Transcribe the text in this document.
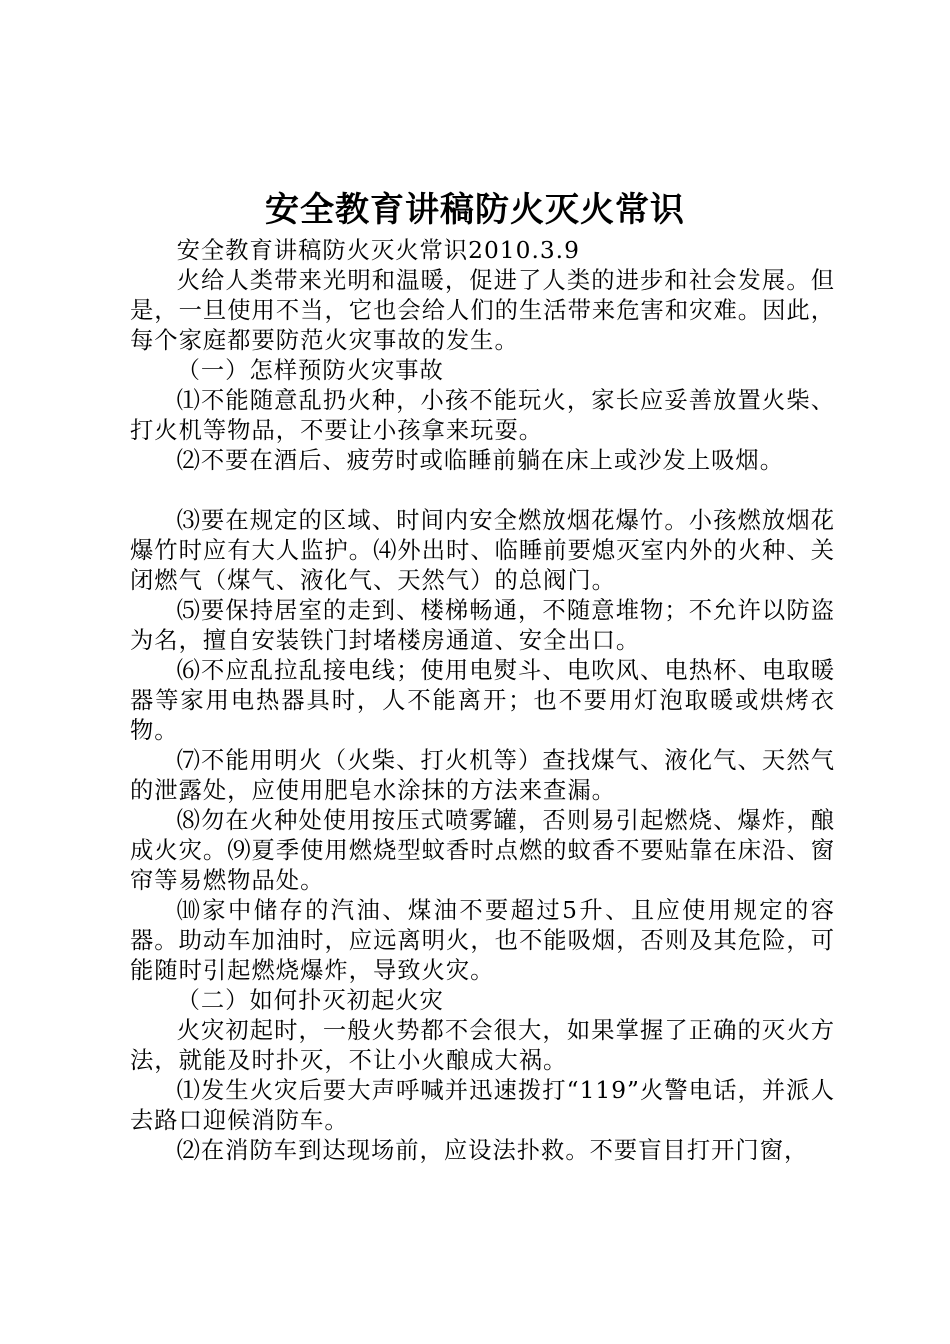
安全教育讲稿防火灭火常识

安全教育讲稿防火灭火常识2010.3.9

火给人类带来光明和温暖，促进了人类的进步和社会发展。但是，一旦使用不当，它也会给人们的生活带来危害和灾难。因此，每个家庭都要防范火灾事故的发生。

（一）怎样预防火灾事故

⑴不能随意乱扔火种，小孩不能玩火，家长应妥善放置火柴、打火机等物品，不要让小孩拿来玩耍。

⑵不要在酒后、疲劳时或临睡前躺在床上或沙发上吸烟。

⑶要在规定的区域、时间内安全燃放烟花爆竹。小孩燃放烟花爆竹时应有大人监护。⑷外出时、临睡前要熄灭室内外的火种、关闭燃气（煤气、液化气、天然气）的总阀门。

⑸要保持居室的走到、楼梯畅通，不随意堆物；不允许以防盗为名，擅自安装铁门封堵楼房通道、安全出口。

⑹不应乱拉乱接电线；使用电熨斗、电吹风、电热杯、电取暖器等家用电热器具时，人不能离开；也不要用灯泡取暖或烘烤衣物。

⑺不能用明火（火柴、打火机等）查找煤气、液化气、天然气的泄露处，应使用肥皂水涂抹的方法来查漏。

⑻勿在火种处使用按压式喷雾罐，否则易引起燃烧、爆炸，酿成火灾。⑼夏季使用燃烧型蚊香时点燃的蚊香不要贴靠在床沿、窗帘等易燃物品处。

⑽家中储存的汽油、煤油不要超过5升、且应使用规定的容器。助动车加油时，应远离明火，也不能吸烟，否则及其危险，可能随时引起燃烧爆炸，导致火灾。

（二）如何扑灭初起火灾

火灾初起时，一般火势都不会很大，如果掌握了正确的灭火方法，就能及时扑灭，不让小火酿成大祸。

⑴发生火灾后要大声呼喊并迅速拨打“119”火警电话，并派人去路口迎候消防车。

⑵在消防车到达现场前，应设法扑救。不要盲目打开门窗，
